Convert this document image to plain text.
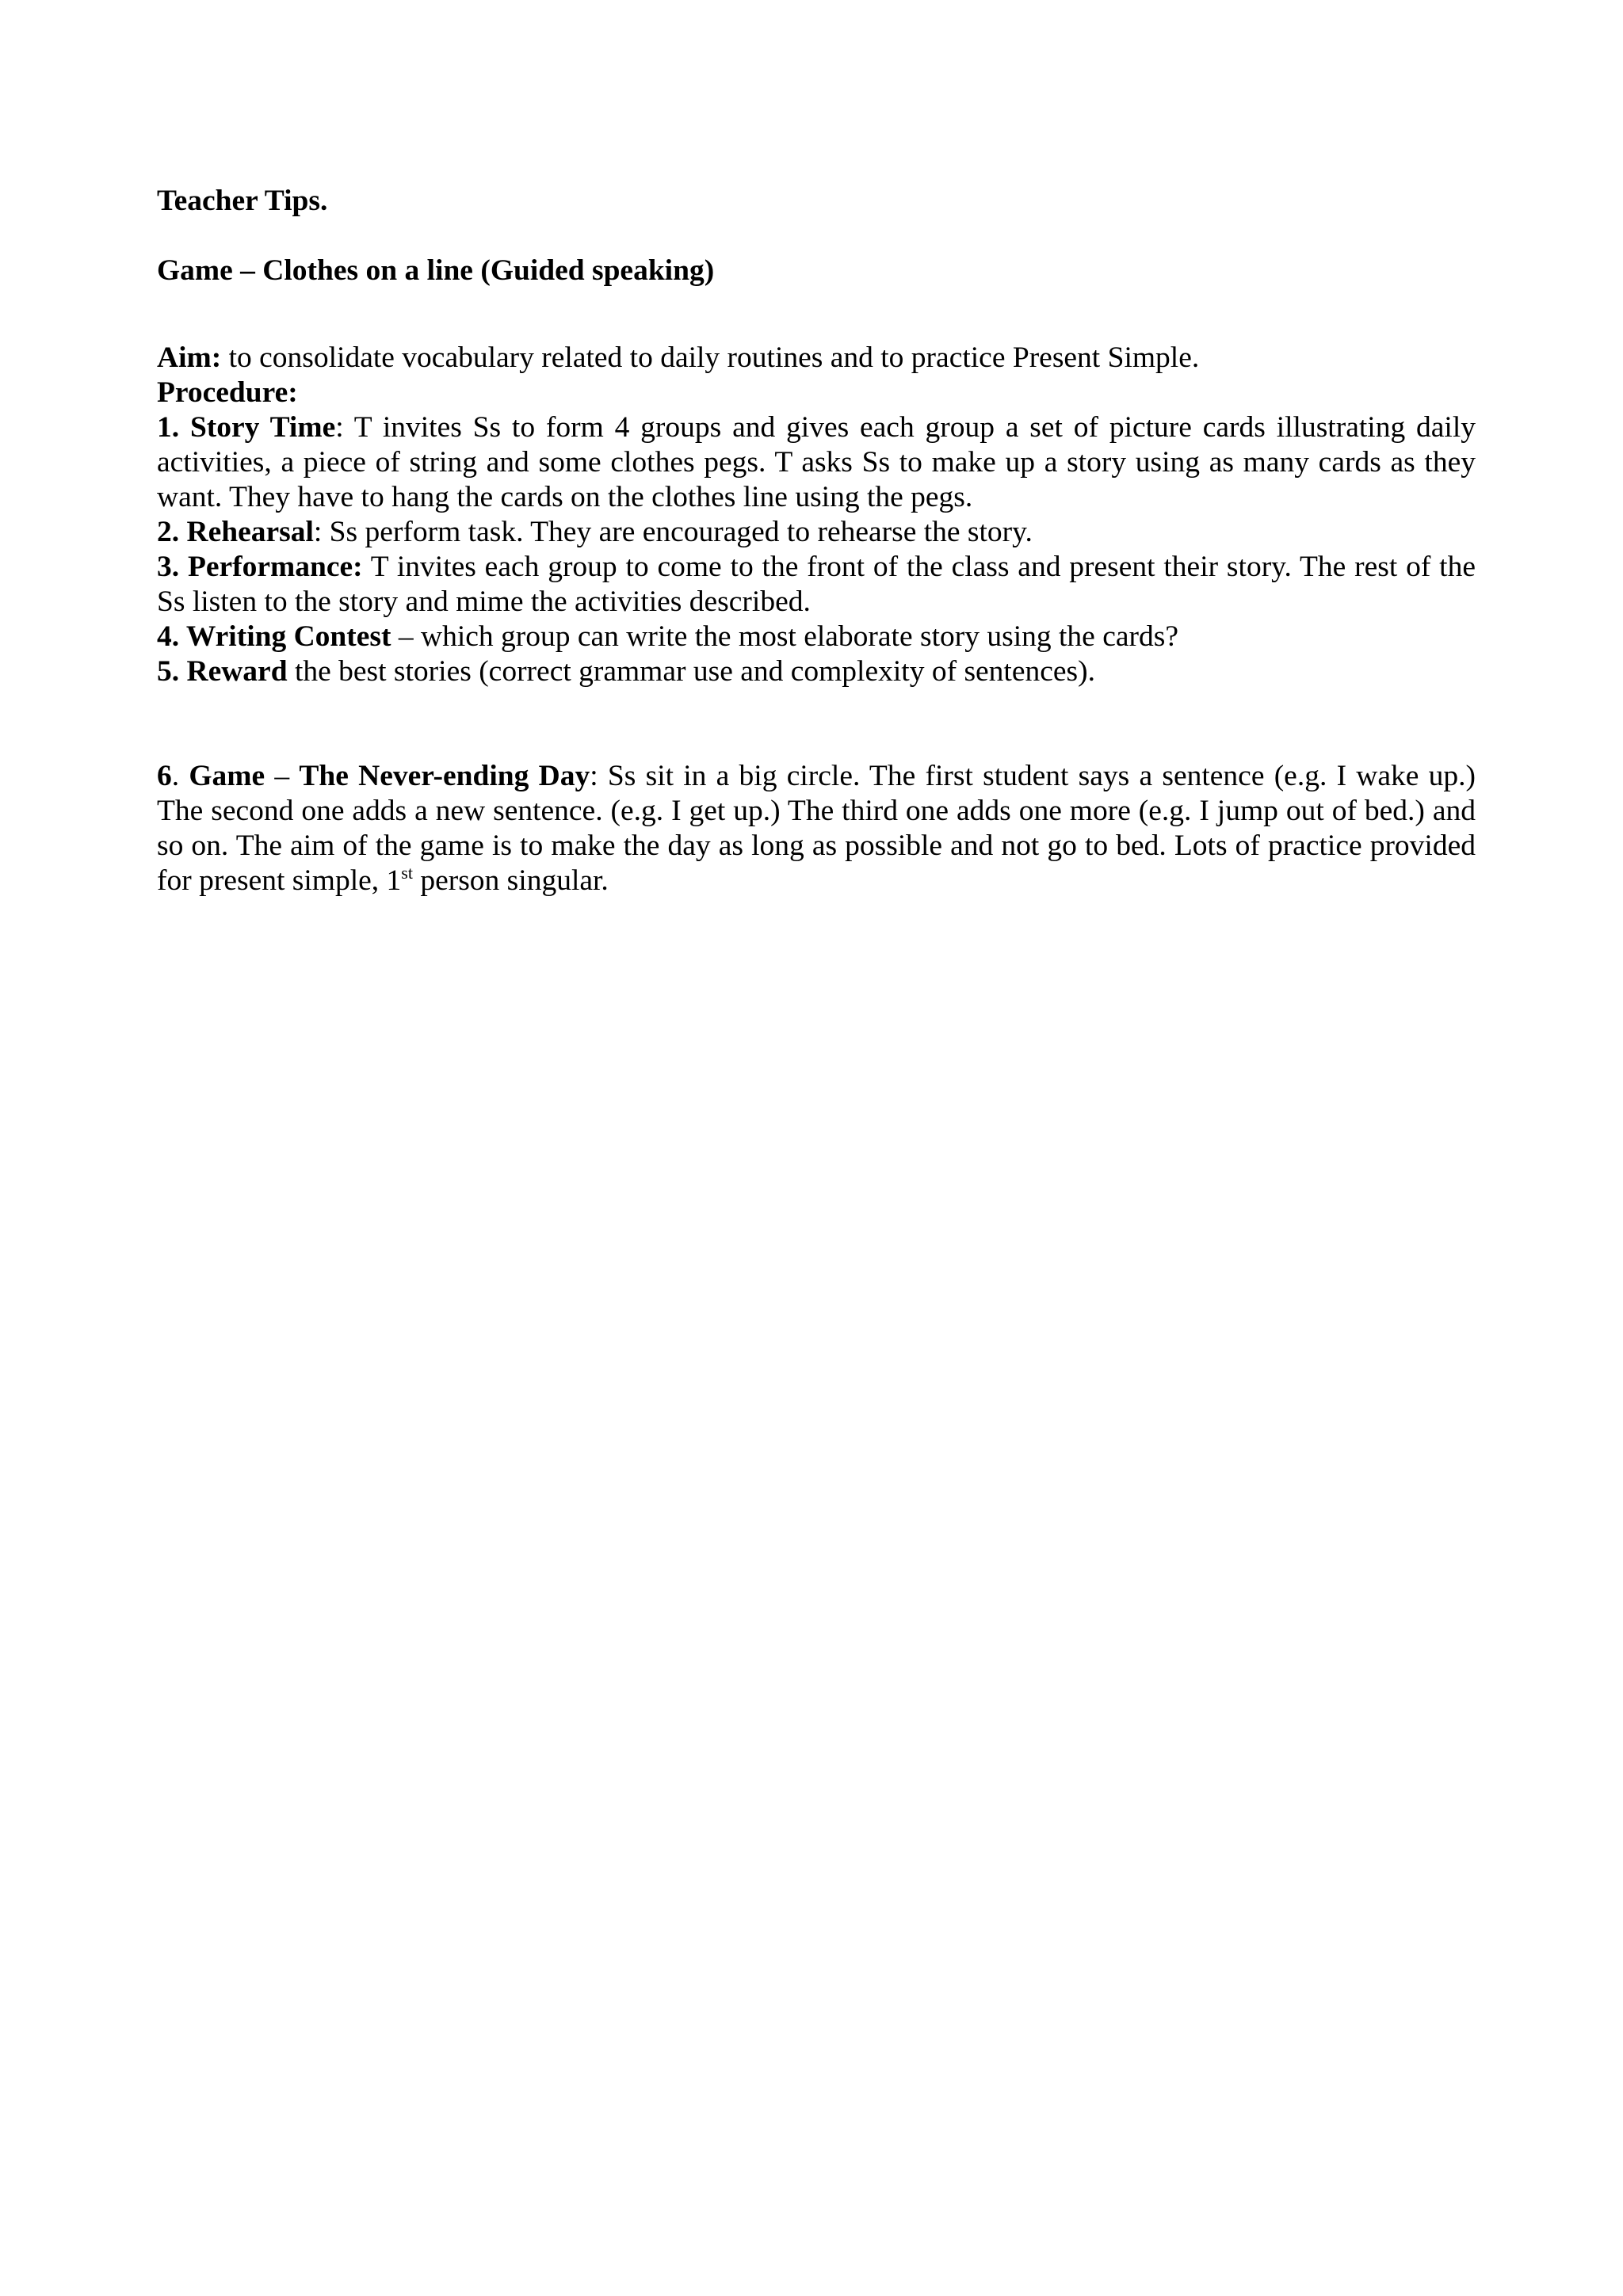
Teacher Tips.

Game – Clothes on a line (Guided speaking)

Aim: to consolidate vocabulary related to daily routines and to practice Present Simple.

Procedure:

1. Story Time: T invites Ss to form 4 groups and gives each group a set of picture cards illustrating daily activities, a piece of string and some clothes pegs. T asks Ss to make up a story using as many cards as they want. They have to hang the cards on the clothes line using the pegs.

2. Rehearsal: Ss perform task. They are encouraged to rehearse the story.

3. Performance: T invites each group to come to the front of the class and present their story. The rest of the Ss listen to the story and mime the activities described.

4. Writing Contest – which group can write the most elaborate story using the cards?

5. Reward the best stories (correct grammar use and complexity of sentences).

6. Game – The Never-ending Day: Ss sit in a big circle. The first student says a sentence (e.g. I wake up.) The second one adds a new sentence. (e.g. I get up.) The third one adds one more (e.g. I jump out of bed.) and so on. The aim of the game is to make the day as long as possible and not go to bed. Lots of practice provided for present simple, 1st person singular.
